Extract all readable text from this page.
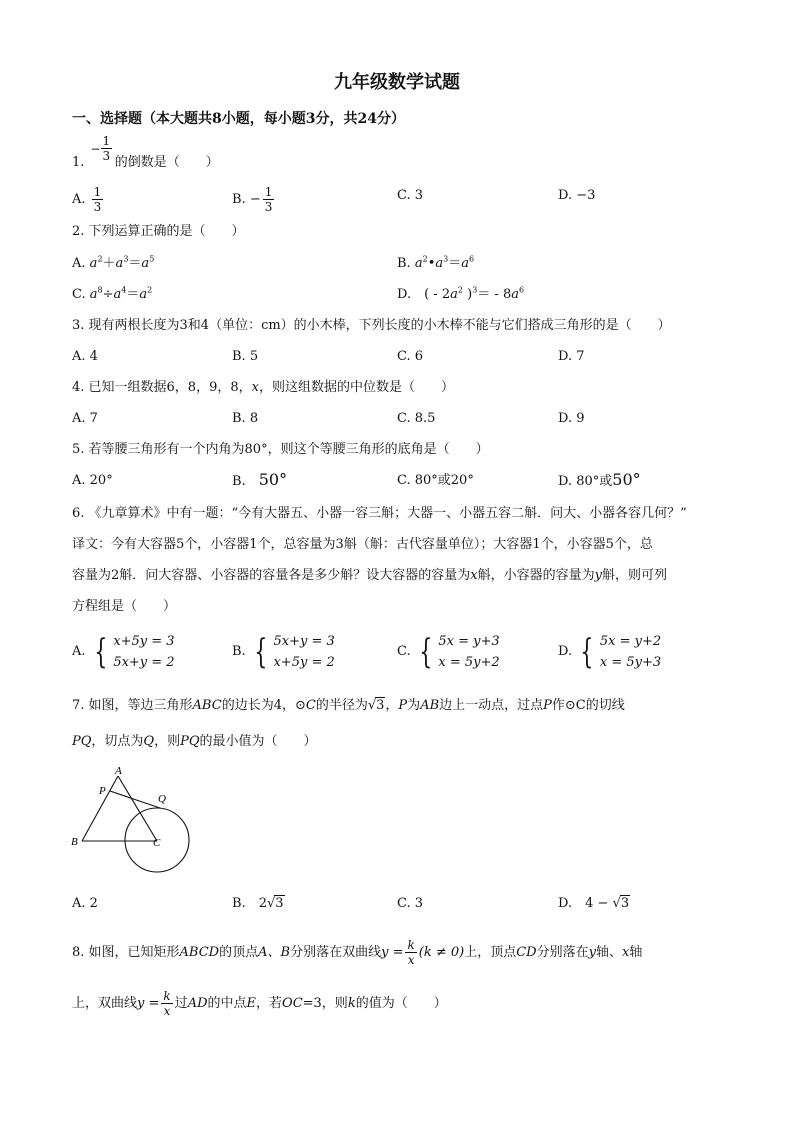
九年级数学试题
一、选择题（本大题共8小题，每小题3分，共24分）
1.
− $\frac{1}{3}$ 的倒数是（　　）
A. $\frac{1}{3}$	B. − $\frac{1}{3}$	C. 3	D. −3
2. 下列运算正确的是（　　）
A. $a^2+a^3=a^5$	B. $a^2•a^3=a^6$
C. $a^8\div a^4=a^2$	D.　( - $2a^2$ )$^3= - 8a^6$
3. 现有两根长度为3和4（单位：cm）的小木棒，下列长度的小木棒不能与它们搭成三角形的是（　　）
A. 4	B. 5	C. 6	D. 7
4. 已知一组数据6，8，9，8，x，则这组数据的中位数是（　　）
A. 7	B. 8	C. 8.5	D. 9
5. 若等腰三角形有一个内角为80°，则这个等腰三角形的底角是（　　）
A. 20°	B.　 50°	C. 80°或20°	D. 80°或50°
6. 《九章算术》中有一题：“今有大器五、小器一容三斛；大器一、小器五容二斛．问大、小器各容几何？”
译文：今有大容器5个，小容器1个，总容量为3斛（斛：古代容量单位）；大容器1个，小容器5个，总
容量为2斛．问大容器、小容器的容量各是多少斛？设大容器的容量为x斛，小容器的容量为y斛，则可列
方程组是（　　）
A. { x+5y = 3
5x+y = 2
B. { 5x+y = 3
x+5y = 2
C. { 5x = y+3
x = 5y+2
D. { 5x = y+2
x = 5y+3
7. 如图，等边三角形ABC的边长为4，⊙C的半径为√3，P为AB边上一动点，过点P作⊙C的切线
PQ，切点为Q，则PQ的最小值为（　　）
A
P
Q
B	C
A. 2	B.　 2√3	C. 3	D.　 4 − √3
8. 如图，已知矩形ABCD的顶点A、B分别落在双曲线$y = \frac{k}{x} (k \ne 0)$上，顶点CD分别落在y轴、x轴
上，双曲线$y = \frac{k}{x}$ 过AD的中点E，若OC=3，则k的值为（　　）
